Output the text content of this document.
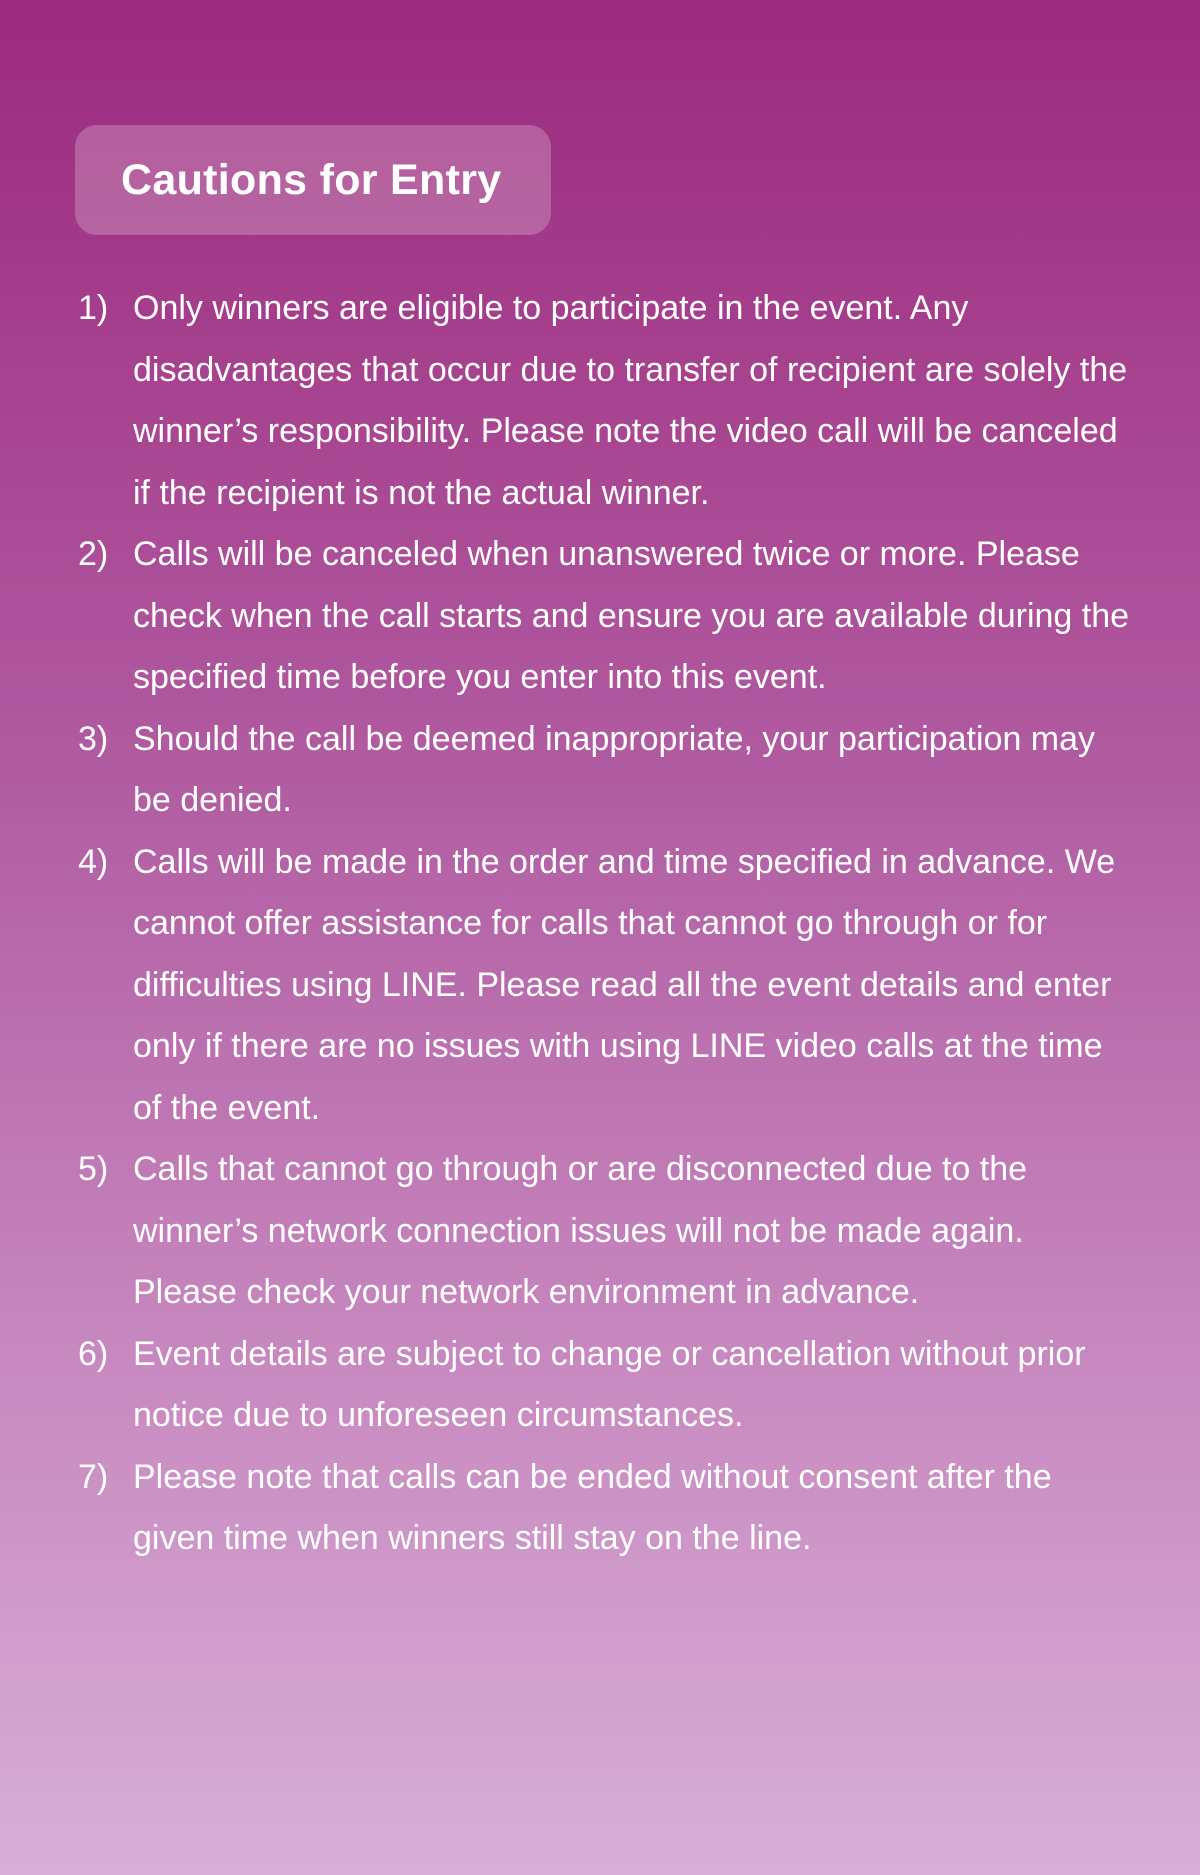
Cautions for Entry
1) Only winners are eligible to participate in the event. Any disadvantages that occur due to transfer of recipient are solely the winner’s responsibility. Please note the video call will be canceled if the recipient is not the actual winner.
2) Calls will be canceled when unanswered twice or more. Please check when the call starts and ensure you are available during the specified time before you enter into this event.
3) Should the call be deemed inappropriate, your participation may be denied.
4) Calls will be made in the order and time specified in advance. We cannot offer assistance for calls that cannot go through or for difficulties using LINE. Please read all the event details and enter only if there are no issues with using LINE video calls at the time of the event.
5) Calls that cannot go through or are disconnected due to the winner’s network connection issues will not be made again. Please check your network environment in advance.
6) Event details are subject to change or cancellation without prior notice due to unforeseen circumstances.
7) Please note that calls can be ended without consent after the given time when winners still stay on the line.
